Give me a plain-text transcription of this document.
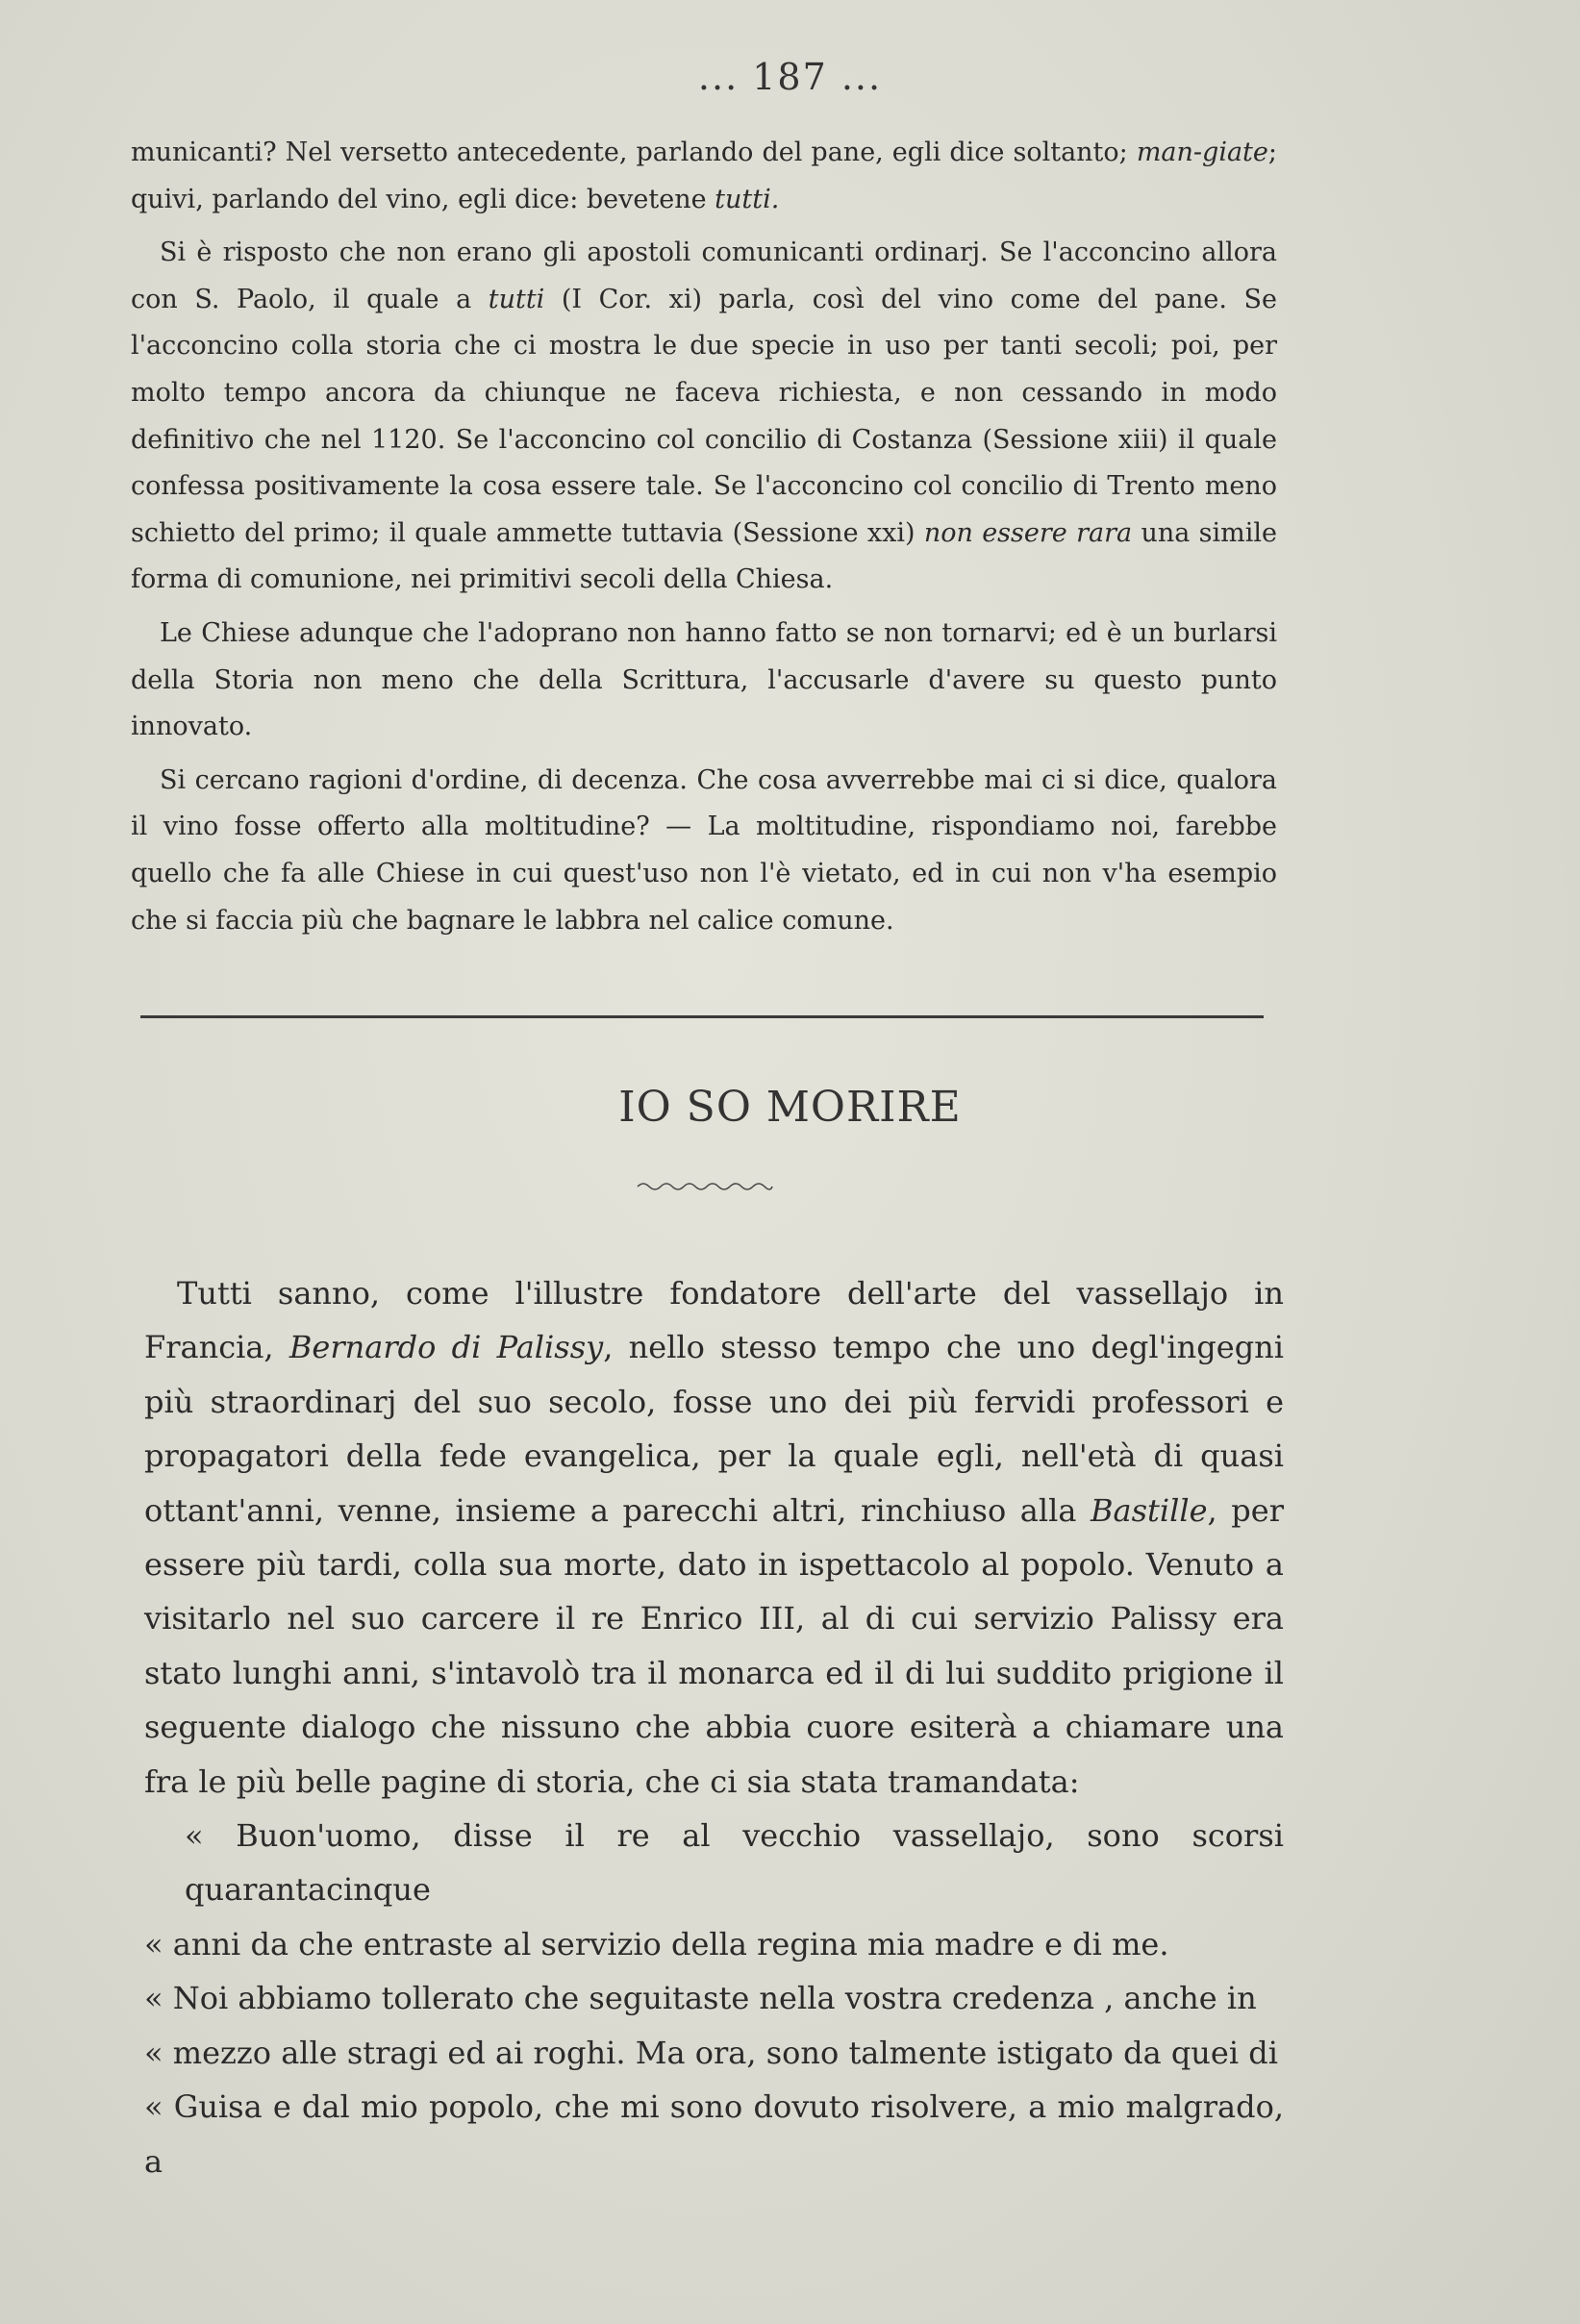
... 187 ...

municanti? Nel versetto antecedente, parlando del pane, egli dice soltanto; man-giate; quivi, parlando del vino, egli dice: bevetene tutti.

Si è risposto che non erano gli apostoli comunicanti ordinarj. Se l'acconcino allora con S. Paolo, il quale a tutti (I Cor. xi) parla, così del vino come del pane. Se l'acconcino colla storia che ci mostra le due specie in uso per tanti secoli; poi, per molto tempo ancora da chiunque ne faceva richiesta, e non cessando in modo definitivo che nel 1120. Se l'acconcino col concilio di Costanza (Sessione xiii) il quale confessa positivamente la cosa essere tale. Se l'acconcino col concilio di Trento meno schietto del primo; il quale ammette tuttavia (Sessione xxi) non essere rara una simile forma di comunione, nei primitivi secoli della Chiesa.

Le Chiese adunque che l'adoprano non hanno fatto se non tornarvi; ed è un burlarsi della Storia non meno che della Scrittura, l'accusarle d'avere su questo punto innovato.

Si cercano ragioni d'ordine, di decenza. Che cosa avverrebbe mai ci si dice, qualora il vino fosse offerto alla moltitudine? — La moltitudine, rispondiamo noi, farebbe quello che fa alle Chiese in cui quest'uso non l'è vietato, ed in cui non v'ha esempio che si faccia più che bagnare le labbra nel calice comune.

IO SO MORIRE

Tutti sanno, come l'illustre fondatore dell'arte del vassellajo in Francia, Bernardo di Palissy, nello stesso tempo che uno degl'ingegni più straordinarj del suo secolo, fosse uno dei più fervidi professori e propagatori della fede evangelica, per la quale egli, nell'età di quasi ottant'anni, venne, insieme a parecchi altri, rinchiuso alla Bastille, per essere più tardi, colla sua morte, dato in ispettacolo al popolo. Venuto a visitarlo nel suo carcere il re Enrico III, al di cui servizio Palissy era stato lunghi anni, s'intavolò tra il monarca ed il di lui suddito prigione il seguente dialogo che nissuno che abbia cuore esiterà a chiamare una fra le più belle pagine di storia, che ci sia stata tramandata:

« Buon'uomo, disse il re al vecchio vassellajo, sono scorsi quarantacinque
« anni da che entraste al servizio della regina mia madre e di me.
« Noi abbiamo tollerato che seguitaste nella vostra credenza , anche in
« mezzo alle stragi ed ai roghi. Ma ora, sono talmente istigato da quei di
« Guisa e dal mio popolo, che mi sono dovuto risolvere, a mio malgrado, a
